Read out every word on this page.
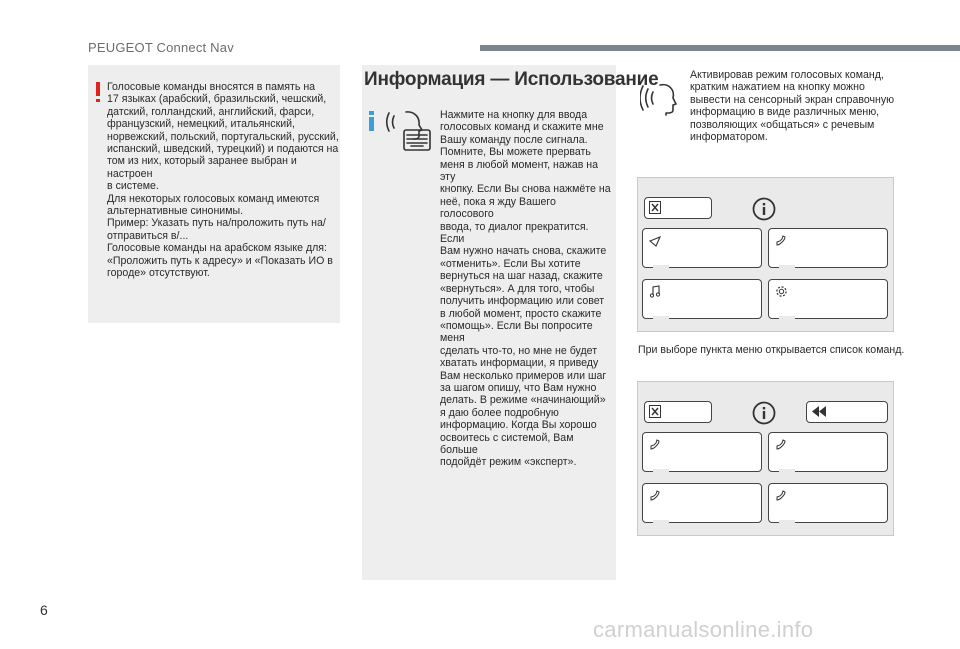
PEUGEOT Connect Nav
Голосовые команды вносятся в память на
17 языках (арабский, бразильский, чешский,
датский, голландский, английский, фарси,
французский, немецкий, итальянский,
норвежский, польский, португальский, русский,
испанский, шведский, турецкий) и подаются на
том из них, который заранее выбран и настроен
в системе.
Для некоторых голосовых команд имеются
альтернативные синонимы.
Пример: Указать путь на/проложить путь на/
отправиться в/...
Голосовые команды на арабском языке для:
«Проложить путь к адресу» и «Показать ИО в
городе» отсутствуют.
Информация — Использование
Нажмите на кнопку для ввода
голосовых команд и скажите мне
Вашу команду после сигнала.
Помните, Вы можете прервать
меня в любой момент, нажав на эту
кнопку. Если Вы снова нажмёте на
неё, пока я жду Вашего голосового
ввода, то диалог прекратится. Если
Вам нужно начать снова, скажите
«отменить». Если Вы хотите
вернуться на шаг назад, скажите
«вернуться». А для того, чтобы
получить информацию или совет
в любой момент, просто скажите
«помощь». Если Вы попросите меня
сделать что-то, но мне не будет
хватать информации, я приведу
Вам несколько примеров или шаг
за шагом опишу, что Вам нужно
делать. В режиме «начинающий»
я даю более подробную
информацию. Когда Вы хорошо
освоитесь с системой, Вам больше
подойдёт режим «эксперт».
Активировав режим голосовых команд,
кратким нажатием на кнопку можно
вывести на сенсорный экран справочную
информацию в виде различных меню,
позволяющих «общаться» с речевым
информатором.
При выборе пункта меню открывается список команд.
6
carmanualsonline.info
